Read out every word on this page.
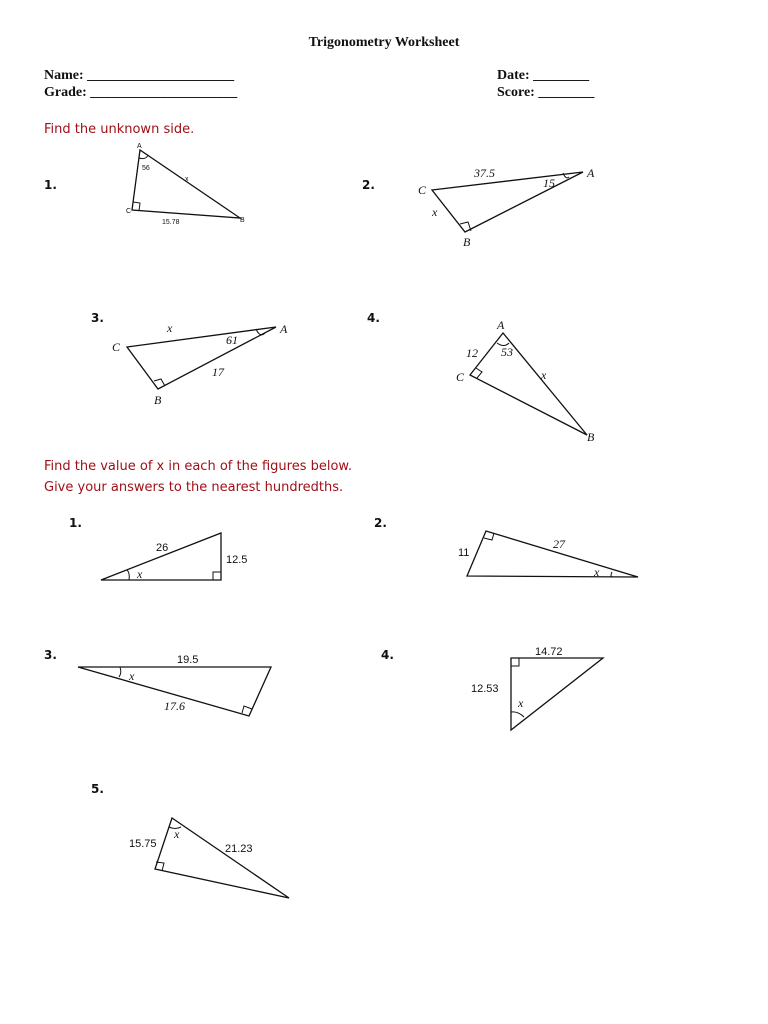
Trigonometry Worksheet
Name: _____________________
Grade: _____________________
Date: ________
Score: ________
Find the unknown side.
1.	2.
3.	4.
Find the value of x in each of the figures below.
Give your answers to the nearest hundredths.
1.	2.
3.	4.
5.
A
56
x
C
15.78	B
37.5	A
15
C
x
B
x	A
61
C
17
B
A
12 53
C	x
B
26
12.5
x
11
27
x
19.5
x
17.6
14.72
12.53
x
15.75
x
21.23
